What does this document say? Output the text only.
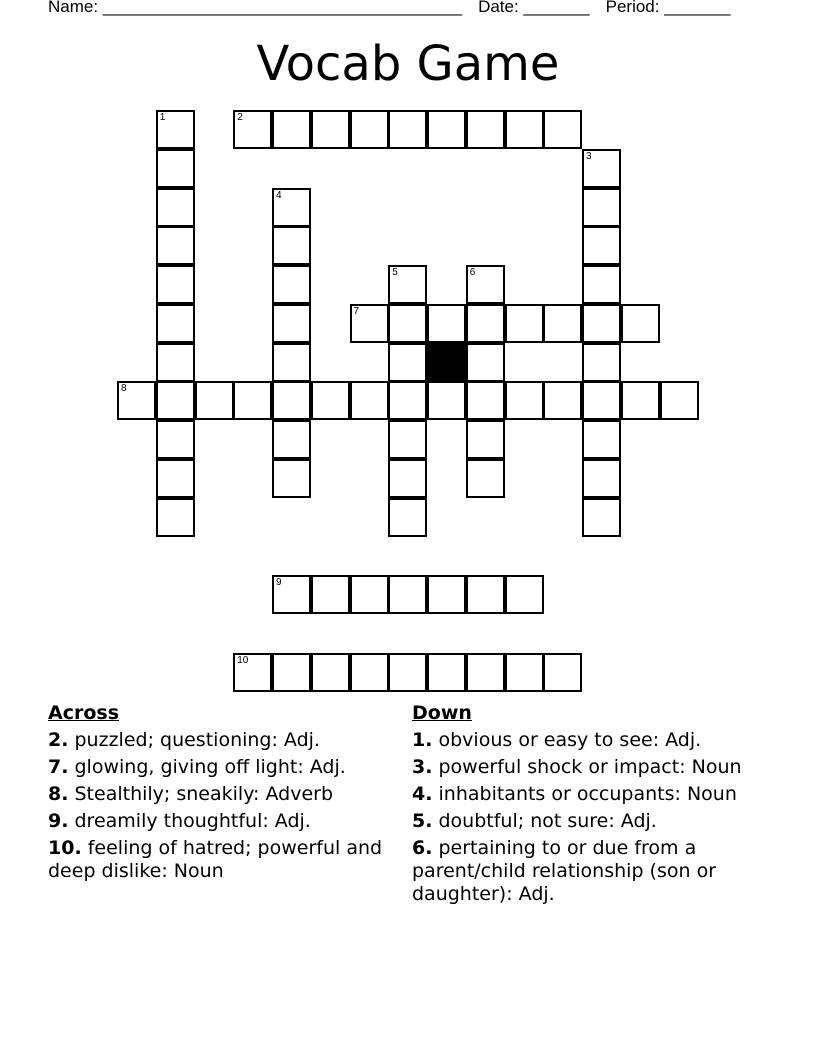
Name: ______________________________________ Date: _______ Period: _______
Vocab Game
1	2
3
4
5	6
7
8
9
10
Across
2. puzzled; questioning: Adj.
7. glowing, giving off light: Adj.
8. Stealthily; sneakily: Adverb
9. dreamily thoughtful: Adj.
10. feeling of hatred; powerful and deep dislike: Noun
Down
1. obvious or easy to see: Adj.
3. powerful shock or impact: Noun
4. inhabitants or occupants: Noun
5. doubtful; not sure: Adj.
6. pertaining to or due from a parent/child relationship (son or daughter): Adj.
